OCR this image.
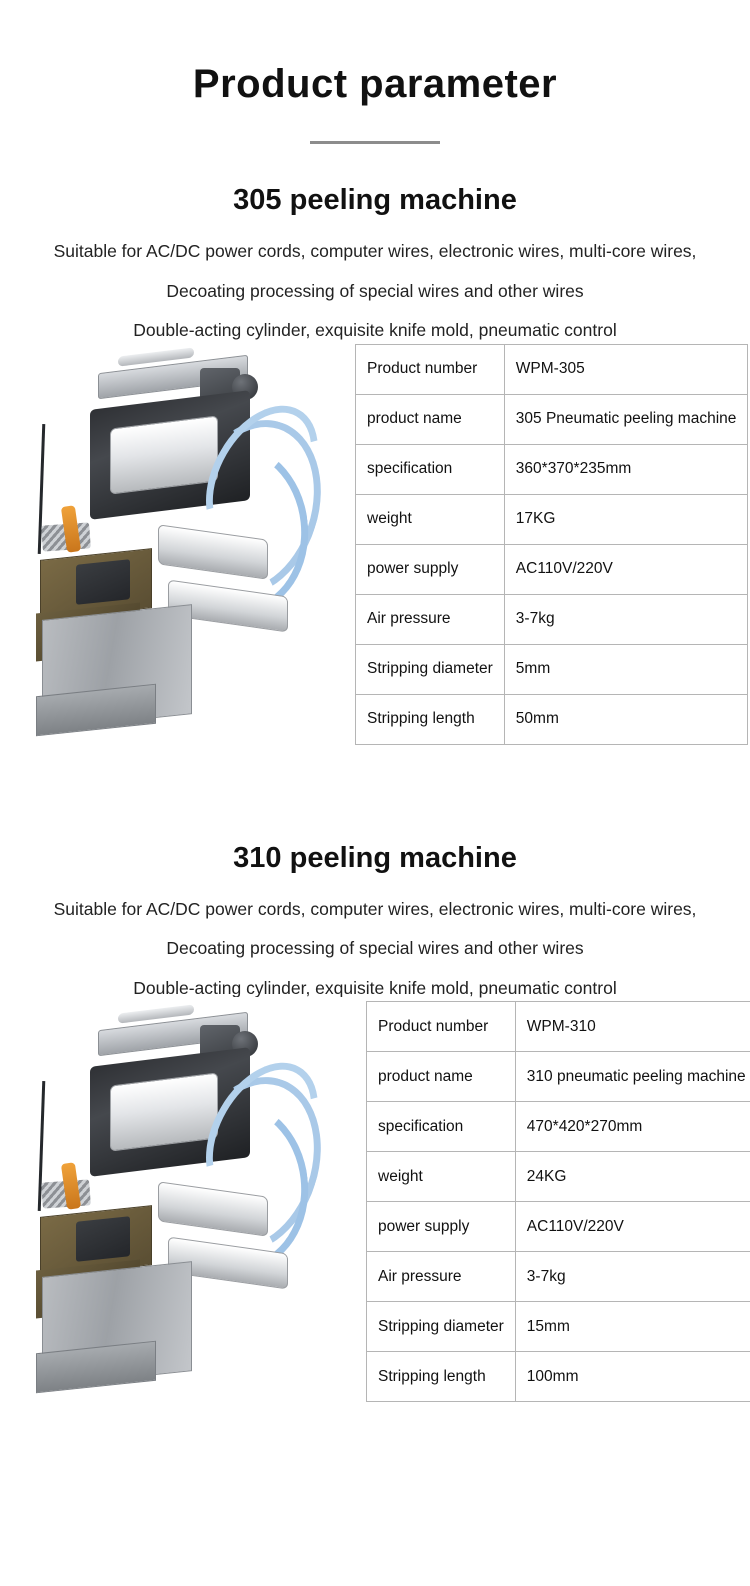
Product parameter
305 peeling machine

Suitable for AC/DC power cords, computer wires, electronic wires, multi-core wires,

Decoating processing of special wires and other wires

Double-acting cylinder, exquisite knife mold, pneumatic control

Product number	WPM-305
product name	305 Pneumatic peeling machine
specification	360*370*235mm
weight	17KG
power supply	AC110V/220V
Air pressure	3-7kg
Stripping diameter	5mm
Stripping length	50mm
310 peeling machine

Suitable for AC/DC power cords, computer wires, electronic wires, multi-core wires,

Decoating processing of special wires and other wires

Double-acting cylinder, exquisite knife mold, pneumatic control

Product number	WPM-310
product name	310 pneumatic peeling machine
specification	470*420*270mm
weight	24KG
power supply	AC110V/220V
Air pressure	3-7kg
Stripping diameter	15mm
Stripping length	100mm
